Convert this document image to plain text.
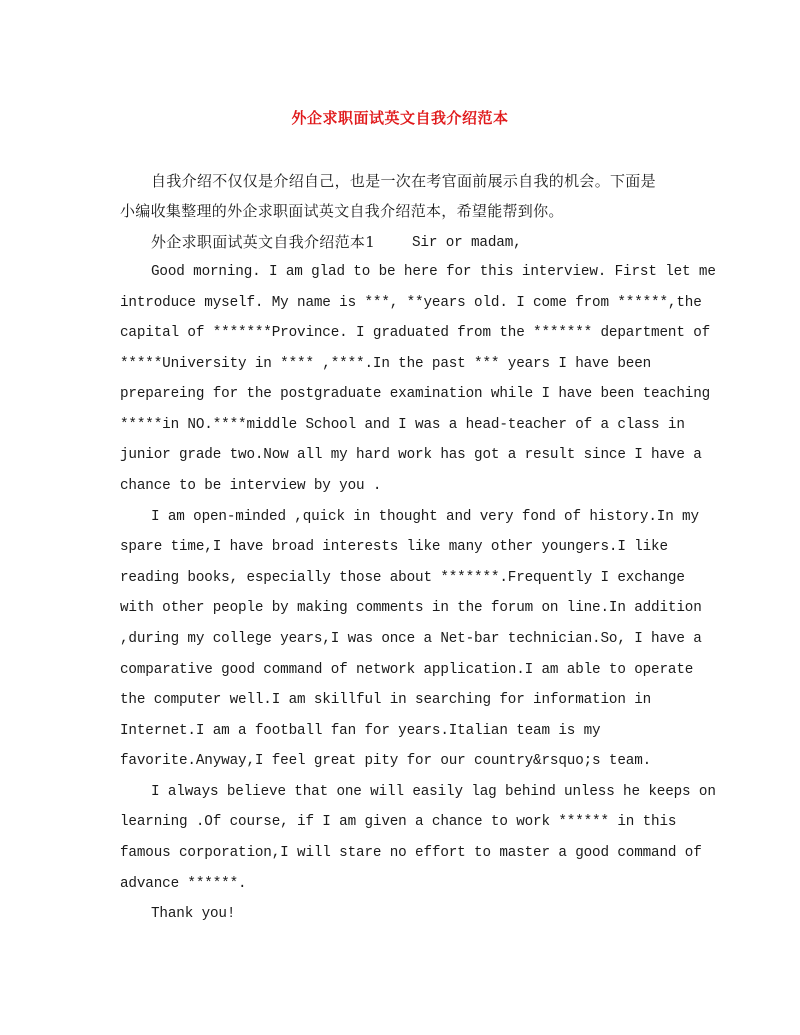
外企求职面试英文自我介绍范本

自我介绍不仅仅是介绍自己，也是一次在考官面前展示自我的机会。下面是

小编收集整理的外企求职面试英文自我介绍范本，希望能帮到你。

外企求职面试英文自我介绍范本1	Sir or madam,

Good morning. I am glad to be here for this interview. First let me

introduce myself. My name is ***, **years old. I come from ******,the

capital of *******Province. I graduated from the ******* department of

*****University in **** ,****.In the past *** years I have been

prepareing for the postgraduate examination while I have been teaching

*****in NO.****middle School and I was a head-teacher of a class in

junior grade two.Now all my hard work has got a result since I have a

chance to be interview by you .

I am open-minded ,quick in thought and very fond of history.In my

spare time,I have broad interests like many other youngers.I like

reading books, especially those about *******.Frequently I exchange

with other people by making comments in the forum on line.In addition

,during my college years,I was once a Net-bar technician.So, I have a

comparative good command of network application.I am able to operate

the computer well.I am skillful in searching for information in

Internet.I am a football fan for years.Italian team is my

favorite.Anyway,I feel great pity for our country&rsquo;s team.

I always believe that one will easily lag behind unless he keeps on

learning .Of course, if I am given a chance to work ****** in this

famous corporation,I will stare no effort to master a good command of

advance ******.

Thank you!
